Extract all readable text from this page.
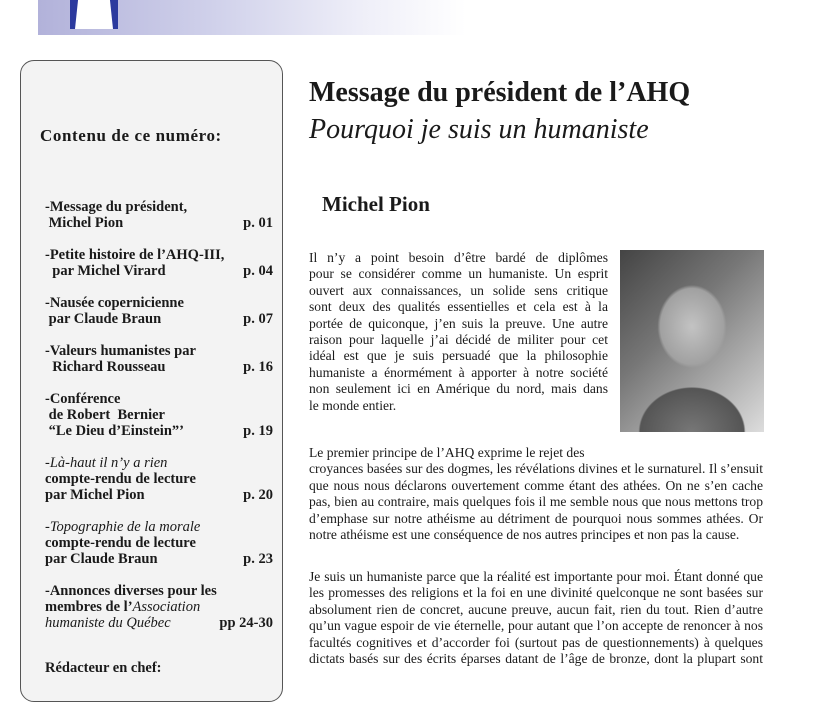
Contenu de ce numéro:
-Message du président,
Michel Pion	p. 01
-Petite histoire de l’AHQ-III,
par Michel Virard	p. 04
-Nausée copernicienne
par Claude Braun	p. 07
-Valeurs humanistes par
Richard Rousseau	p. 16
-Conférence
de Robert  Bernier
“Le Dieu d’Einstein”’	p. 19
-Là-haut il n’y a rien
compte-rendu de lecture
par Michel Pion	p. 20
-Topographie de la morale
compte-rendu de lecture
par Claude Braun	p. 23
-Annonces diverses pour les
membres de l’Association
humaniste du Québec	pp 24-30
Rédacteur en chef:
Message du président de l’AHQ
Pourquoi je suis un humaniste
Michel Pion
Il n’y a point besoin d’être bardé de diplômes
pour se considérer comme un humaniste. Un esprit
ouvert aux connaissances, un solide sens critique
sont deux des qualités essentielles et cela est à la
portée de quiconque, j’en suis la preuve. Une autre
raison pour laquelle j’ai décidé de militer pour cet
idéal est que je suis persuadé que la philosophie
humaniste a énormément à apporter à notre société
non seulement ici en Amérique du nord, mais dans
le monde entier.
Le premier principe de l’AHQ exprime le rejet des
croyances basées sur des dogmes, les révélations divines et le surnaturel. Il s’ensuit
que nous nous déclarons ouvertement comme étant des athées. On ne s’en cache
pas, bien au contraire, mais quelques fois il me semble nous que nous mettons trop
d’emphase sur notre athéisme au détriment de pourquoi nous sommes athées. Or
notre athéisme est une conséquence de nos autres principes et non pas la cause.
Je suis un humaniste parce que la réalité est importante pour moi. Étant donné que
les promesses des religions et la foi en une divinité quelconque ne sont basées sur
absolument rien de concret, aucune preuve, aucun fait, rien du tout. Rien d’autre
qu’un vague espoir de vie éternelle, pour autant que l’on accepte de renoncer à nos
facultés cognitives et d’accorder foi (surtout pas de questionnements) à quelques
dictats basés sur des écrits éparses datant de l’âge de bronze, dont la plupart sont
